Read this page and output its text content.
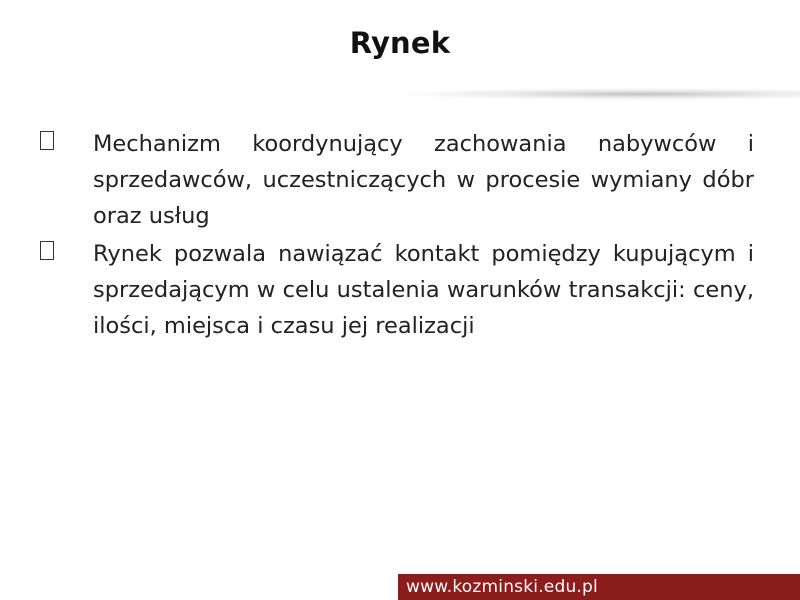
Rynek
Mechanizm koordynujący zachowania nabywców i sprzedawców, uczestniczących w procesie wymiany dóbr oraz usług
Rynek pozwala nawiązać kontakt pomiędzy kupującym i sprzedającym w celu ustalenia warunków transakcji: ceny, ilości, miejsca i czasu jej realizacji
www.kozminski.edu.pl
